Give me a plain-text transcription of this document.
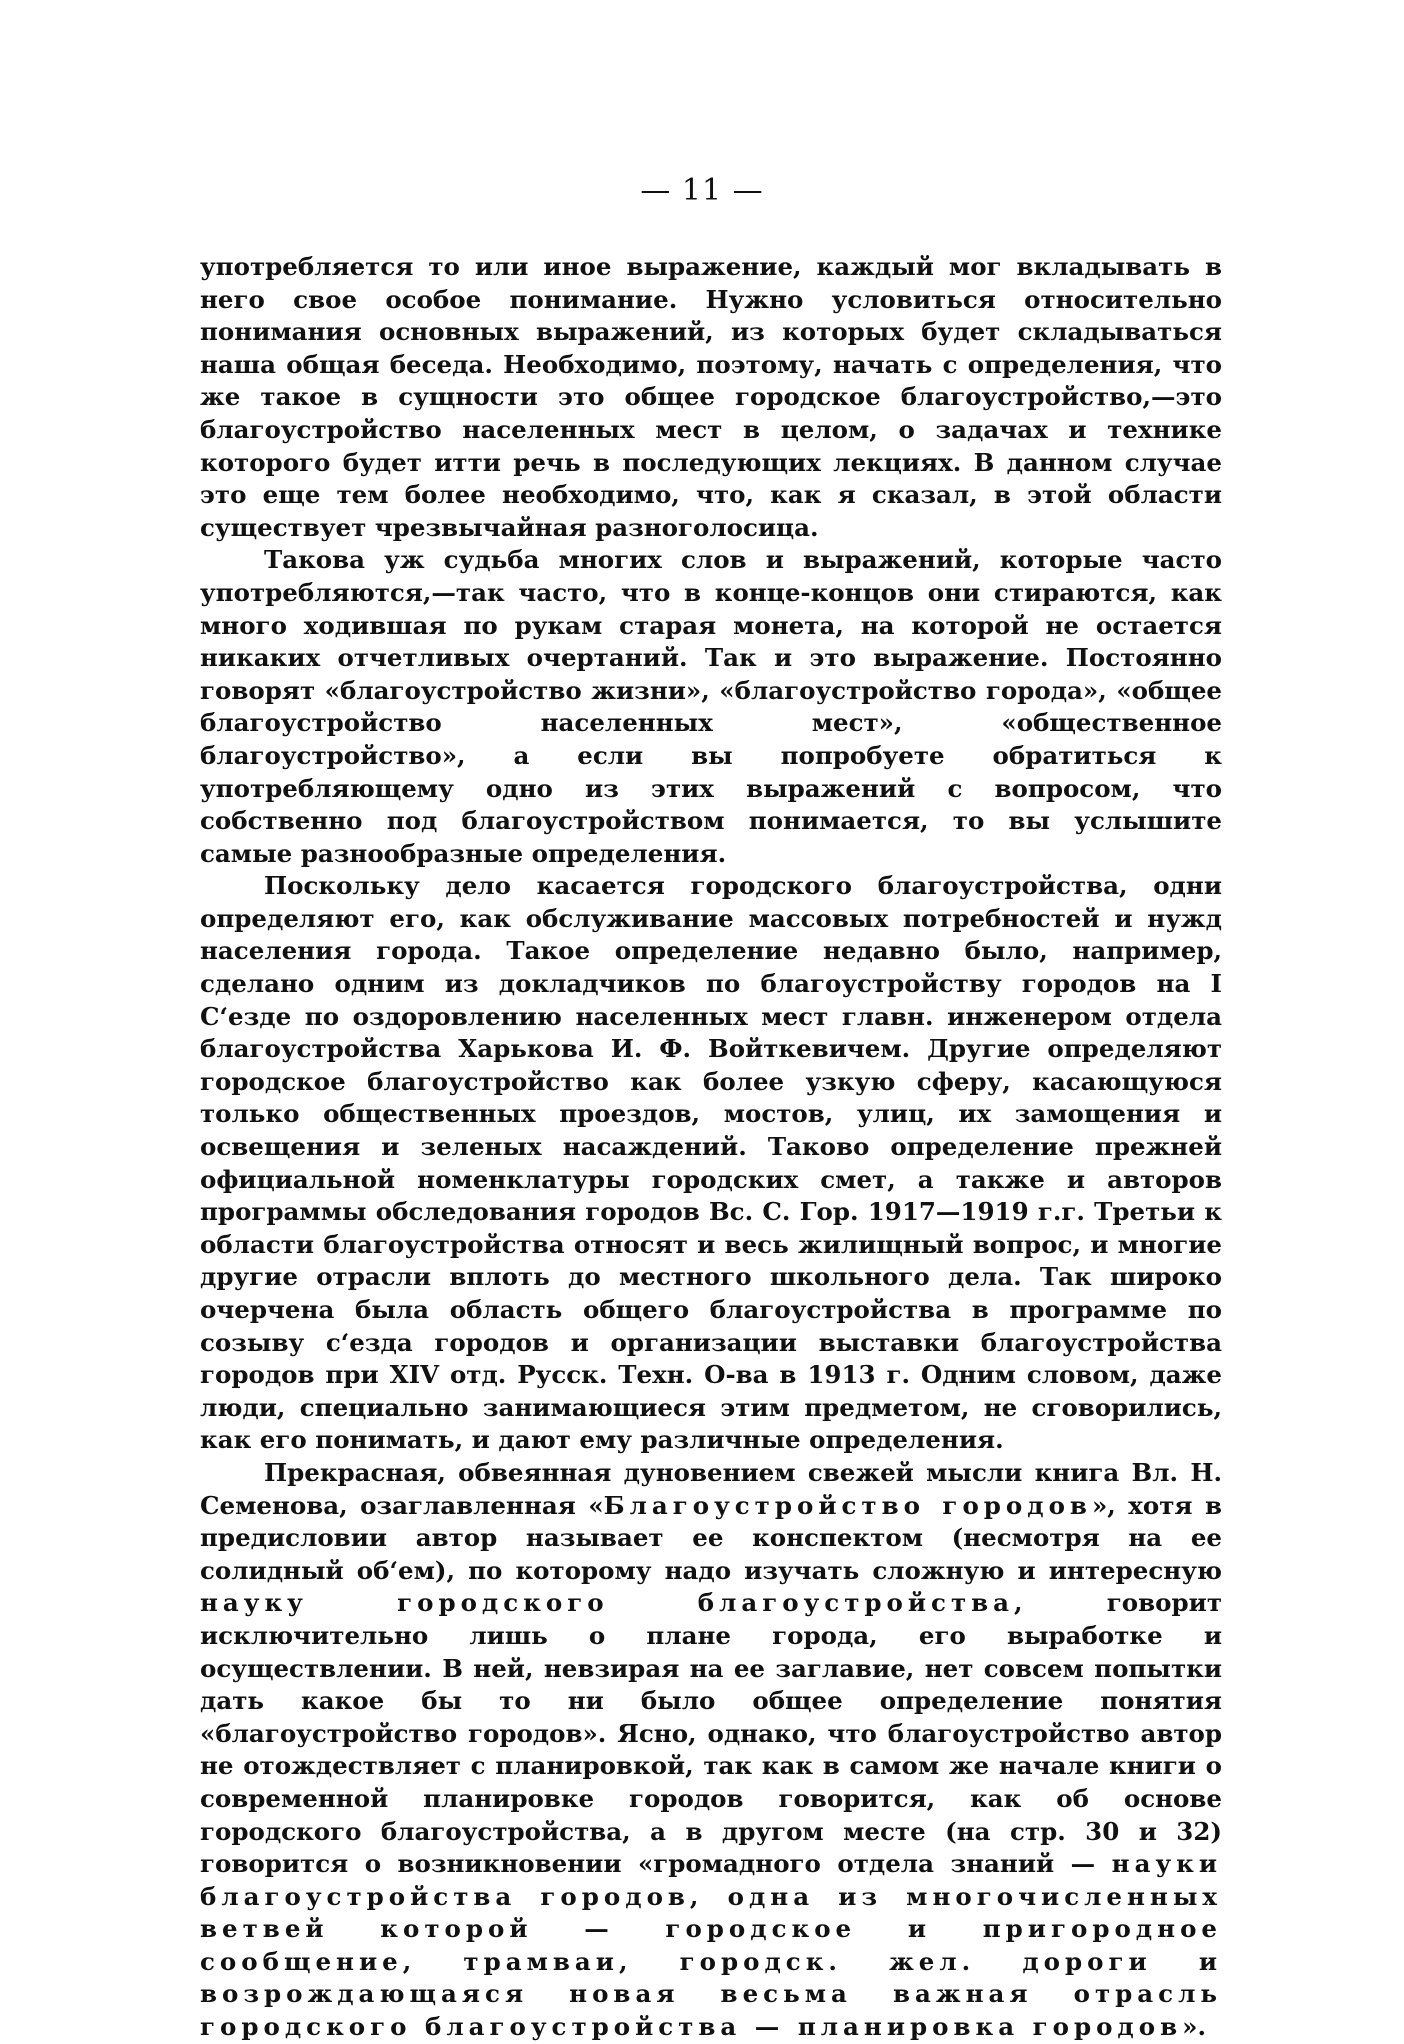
— 11 —

употребляется то или иное выражение, каждый мог вкладывать в него свое особое понимание. Нужно условиться относительно понимания основных выражений, из которых будет складываться наша общая беседа. Необходимо, поэтому, начать с определения, что же такое в сущности это общее городское благоустройство,—это благоустройство населенных мест в целом, о задачах и технике которого будет итти речь в последующих лекциях. В данном случае это еще тем более необходимо, что, как я сказал, в этой области существует чрезвычайная разноголосица.

Такова уж судьба многих слов и выражений, которые часто употребляются,—так часто, что в конце-концов они стираются, как много ходившая по рукам старая монета, на которой не остается никаких отчетливых очертаний. Так и это выражение. Постоянно говорят «благоустройство жизни», «благоустройство города», «общее благоустройство населенных мест», «общественное благоустройство», а если вы попробуете обратиться к употребляющему одно из этих выражений с вопросом, что собственно под благоустройством понимается, то вы услышите самые разнообразные определения.

Поскольку дело касается городского благоустройства, одни определяют его, как обслуживание массовых потребностей и нужд населения города. Такое определение недавно было, например, сделано одним из докладчиков по благоустройству городов на I С‘езде по оздоровлению населенных мест главн. инженером отдела благоустройства Харькова И. Ф. Войткевичем. Другие определяют городское благоустройство как более узкую сферу, касающуюся только общественных проездов, мостов, улиц, их замощения и освещения и зеленых насаждений. Таково определение прежней официальной номенклатуры городских смет, а также и авторов программы обследования городов Вс. С. Гор. 1917—1919 г.г. Третьи к области благоустройства относят и весь жилищный вопрос, и многие другие отрасли вплоть до местного школьного дела. Так широко очерчена была область общего благоустройства в программе по созыву с‘езда городов и организации выставки благоустройства городов при XIV отд. Русск. Техн. О-ва в 1913 г. Одним словом, даже люди, специально занимающиеся этим предметом, не сговорились, как его понимать, и дают ему различные определения.

Прекрасная, обвеянная дуновением свежей мысли книга Вл. Н. Семенова, озаглавленная «Благоустройство городов», хотя в предисловии автор называет ее конспектом (несмотря на ее солидный об‘ем), по которому надо изучать сложную и интересную науку городского благоустройства, говорит исключительно лишь о плане города, его выработке и осуществлении. В ней, невзирая на ее заглавие, нет совсем попытки дать какое бы то ни было общее определение понятия «благоустройство городов». Ясно, однако, что благоустройство автор не отождествляет с планировкой, так как в самом же начале книги о современной планировке городов говорится, как об основе городского благоустройства, а в другом месте (на стр. 30 и 32) говорится о возникновении «громадного отдела знаний — науки благоустройства городов, одна из многочисленных ветвей которой — городское и пригородное сообщение, трамваи, городск. жел. дороги и возрождающаяся новая весьма важная отрасль городского благоустройства — планировка городов».
